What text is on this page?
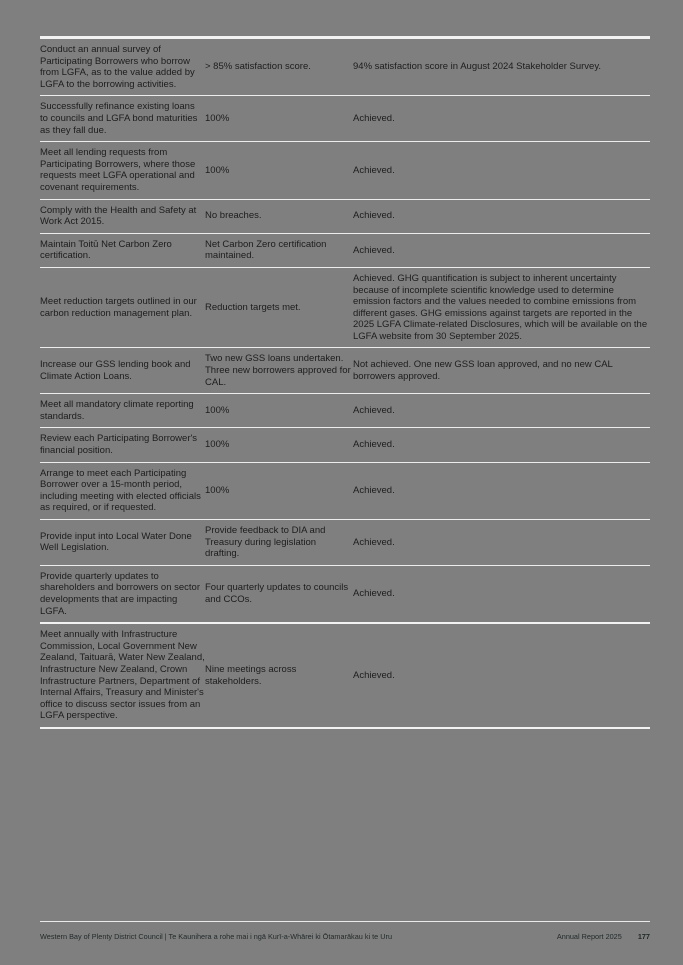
Conduct an annual survey of Participating Borrowers who borrow from LGFA, as to the value added by LGFA to the borrowing activities.	> 85% satisfaction score.	94% satisfaction score in August 2024 Stakeholder Survey.
Successfully refinance existing loans to councils and LGFA bond maturities as they fall due.	100%	Achieved.
Meet all lending requests from Participating Borrowers, where those requests meet LGFA operational and covenant requirements.	100%	Achieved.
Comply with the Health and Safety at Work Act 2015.	No breaches.	Achieved.
Maintain Toitū Net Carbon Zero certification.	Net Carbon Zero certification maintained.	Achieved.
Meet reduction targets outlined in our carbon reduction management plan.	Reduction targets met.	Achieved. GHG quantification is subject to inherent uncertainty because of incomplete scientific knowledge used to determine emission factors and the values needed to combine emissions from different gases. GHG emissions against targets are reported in the 2025 LGFA Climate-related Disclosures, which will be available on the LGFA website from 30 September 2025.
Increase our GSS lending book and Climate Action Loans.	Two new GSS loans undertaken. Three new borrowers approved for CAL.	Not achieved. One new GSS loan approved, and no new CAL borrowers approved.
Meet all mandatory climate reporting standards.	100%	Achieved.
Review each Participating Borrower's financial position.	100%	Achieved.
Arrange to meet each Participating Borrower over a 15-month period, including meeting with elected officials as required, or if requested.	100%	Achieved.
Provide input into Local Water Done Well Legislation.	Provide feedback to DIA and Treasury during legislation drafting.	Achieved.
Provide quarterly updates to shareholders and borrowers on sector developments that are impacting LGFA.	Four quarterly updates to councils and CCOs.	Achieved.
Meet annually with Infrastructure Commission, Local Government New Zealand, Taituarā, Water New Zealand, Infrastructure New Zealand, Crown Infrastructure Partners, Department of Internal Affairs, Treasury and Minister's office to discuss sector issues from an LGFA perspective.	Nine meetings across stakeholders.	Achieved.
Western Bay of Plenty District Council | Te Kaunihera a rohe mai i ngā Kurī-a-Whārei ki Ōtamarākau ki te Uru	Annual Report 2025 177
